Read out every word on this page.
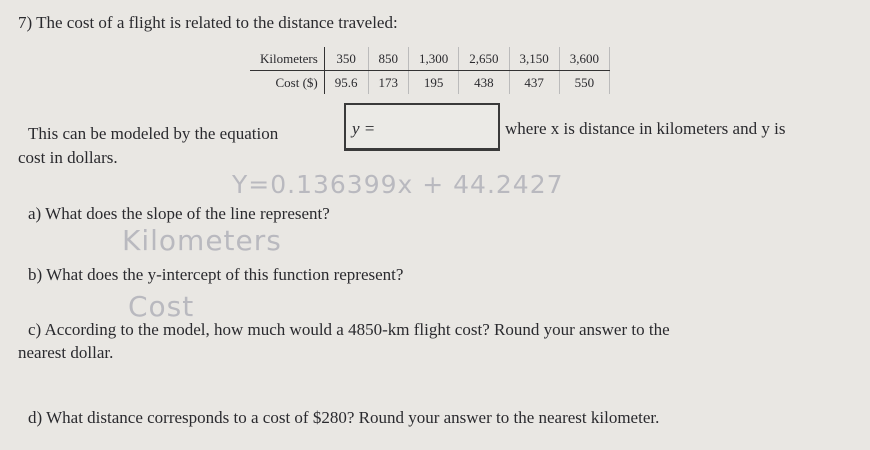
7) The cost of a flight is related to the distance traveled:
Kilometers	350	850	1,300	2,650	3,150	3,600
Cost ($)	95.6	173	195	438	437	550
This can be modeled by the equation	y =	where x is distance in kilometers and y is
cost in dollars.
Y=0.136399x + 44.2427
a) What does the slope of the line represent?
Kilometers
b) What does the y-intercept of this function represent?
Cost
c) According to the model, how much would a 4850-km flight cost? Round your answer to the
nearest dollar.
d) What distance corresponds to a cost of $280? Round your answer to the nearest kilometer.
